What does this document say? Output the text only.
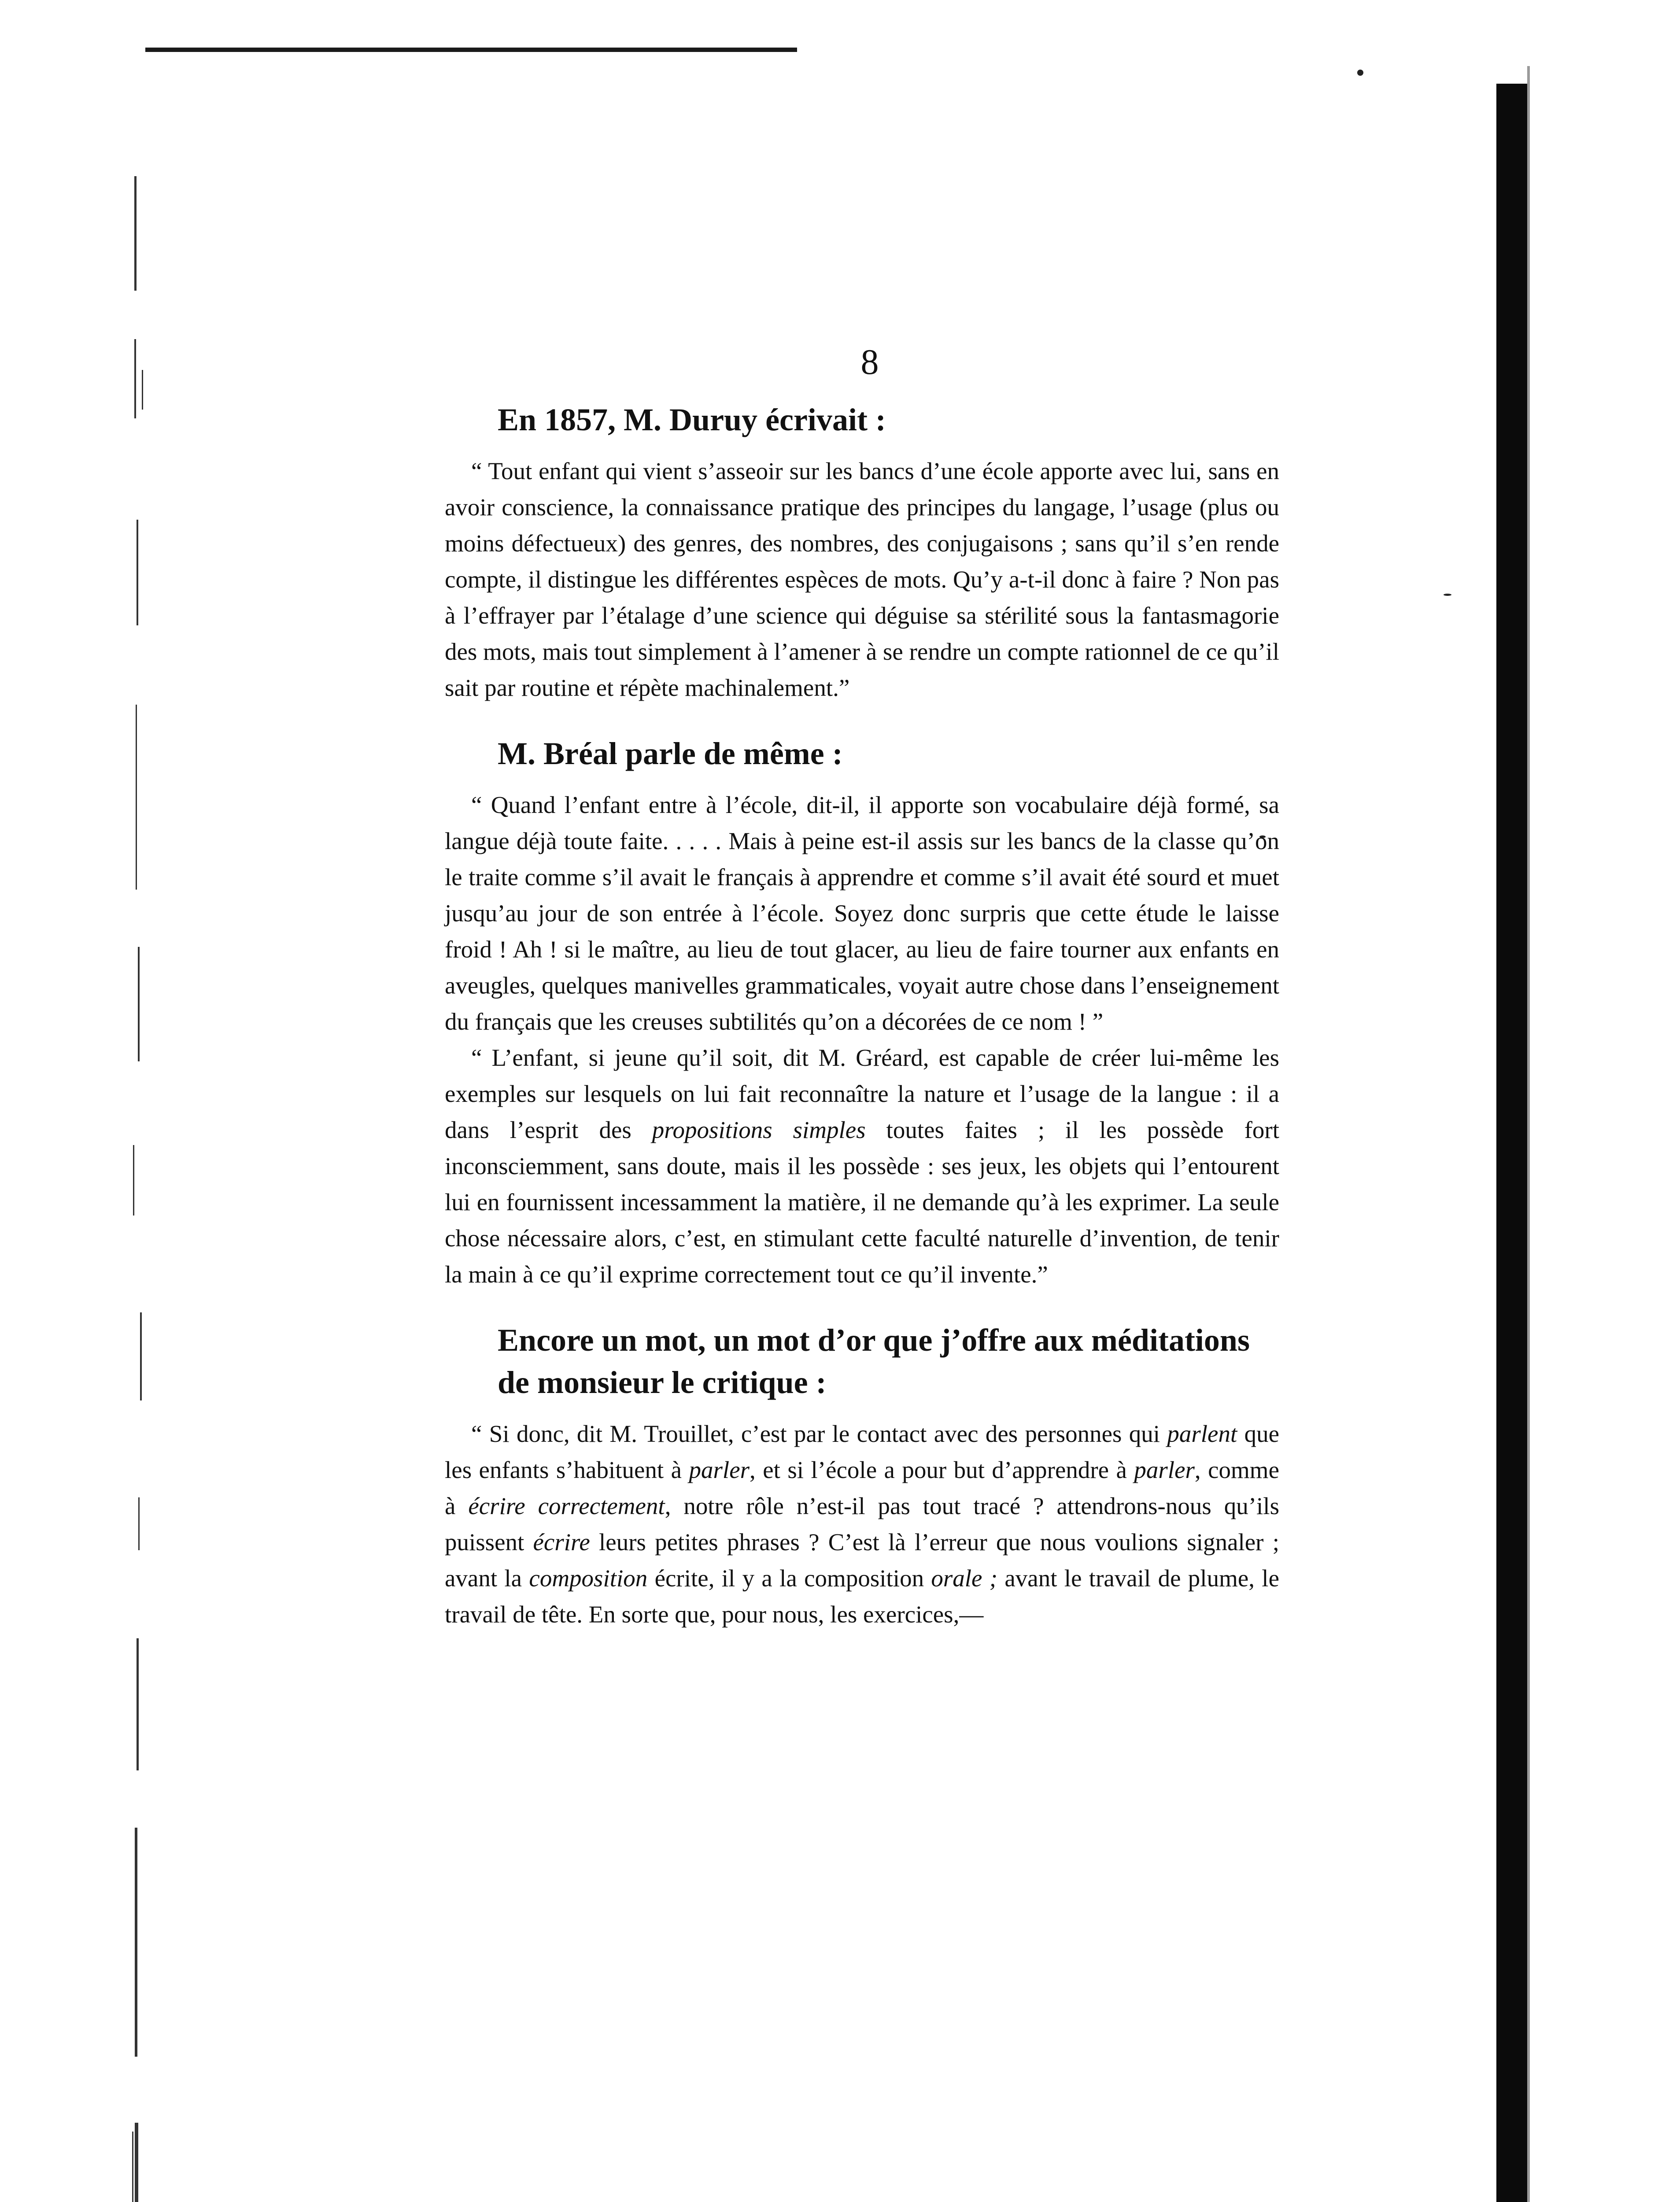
8
En 1857, M. Duruy écrivait :

“ Tout enfant qui vient s’asseoir sur les bancs d’une école apporte avec lui, sans en avoir conscience, la connaissance pratique des principes du langage, l’usage (plus ou moins défectueux) des genres, des nombres, des conjugaisons ; sans qu’il s’en rende compte, il distingue les différentes espèces de mots. Qu’y a-t-il donc à faire ? Non pas à l’effrayer par l’étalage d’une science qui déguise sa stérilité sous la fantasmagorie des mots, mais tout simplement à l’amener à se rendre un compte rationnel de ce qu’il sait par routine et répète machinalement.”

M. Bréal parle de même :

“ Quand l’enfant entre à l’école, dit-il, il apporte son vocabulaire déjà formé, sa langue déjà toute faite. . . . . Mais à peine est-il assis sur les bancs de la classe qu’on le traite comme s’il avait le français à apprendre et comme s’il avait été sourd et muet jusqu’au jour de son entrée à l’école. Soyez donc surpris que cette étude le laisse froid ! Ah ! si le maître, au lieu de tout glacer, au lieu de faire tourner aux enfants en aveugles, quelques manivelles grammaticales, voyait autre chose dans l’enseignement du français que les creuses subtilités qu’on a décorées de ce nom ! ”

“ L’enfant, si jeune qu’il soit, dit M. Gréard, est capable de créer lui-même les exemples sur lesquels on lui fait reconnaître la nature et l’usage de la langue : il a dans l’esprit des propositions simples toutes faites ; il les possède fort inconsciemment, sans doute, mais il les possède : ses jeux, les objets qui l’entourent lui en fournissent incessamment la matière, il ne demande qu’à les exprimer. La seule chose nécessaire alors, c’est, en stimulant cette faculté naturelle d’invention, de tenir la main à ce qu’il exprime correctement tout ce qu’il invente.”

Encore un mot, un mot d’or que j’offre aux méditations de monsieur le critique :

“ Si donc, dit M. Trouillet, c’est par le contact avec des personnes qui parlent que les enfants s’habituent à parler, et si l’école a pour but d’apprendre à parler, comme à écrire correctement, notre rôle n’est-il pas tout tracé ? attendrons-nous qu’ils puissent écrire leurs petites phrases ? C’est là l’erreur que nous voulions signaler ; avant la composition écrite, il y a la composition orale ; avant le travail de plume, le travail de tête. En sorte que, pour nous, les exercices,—
